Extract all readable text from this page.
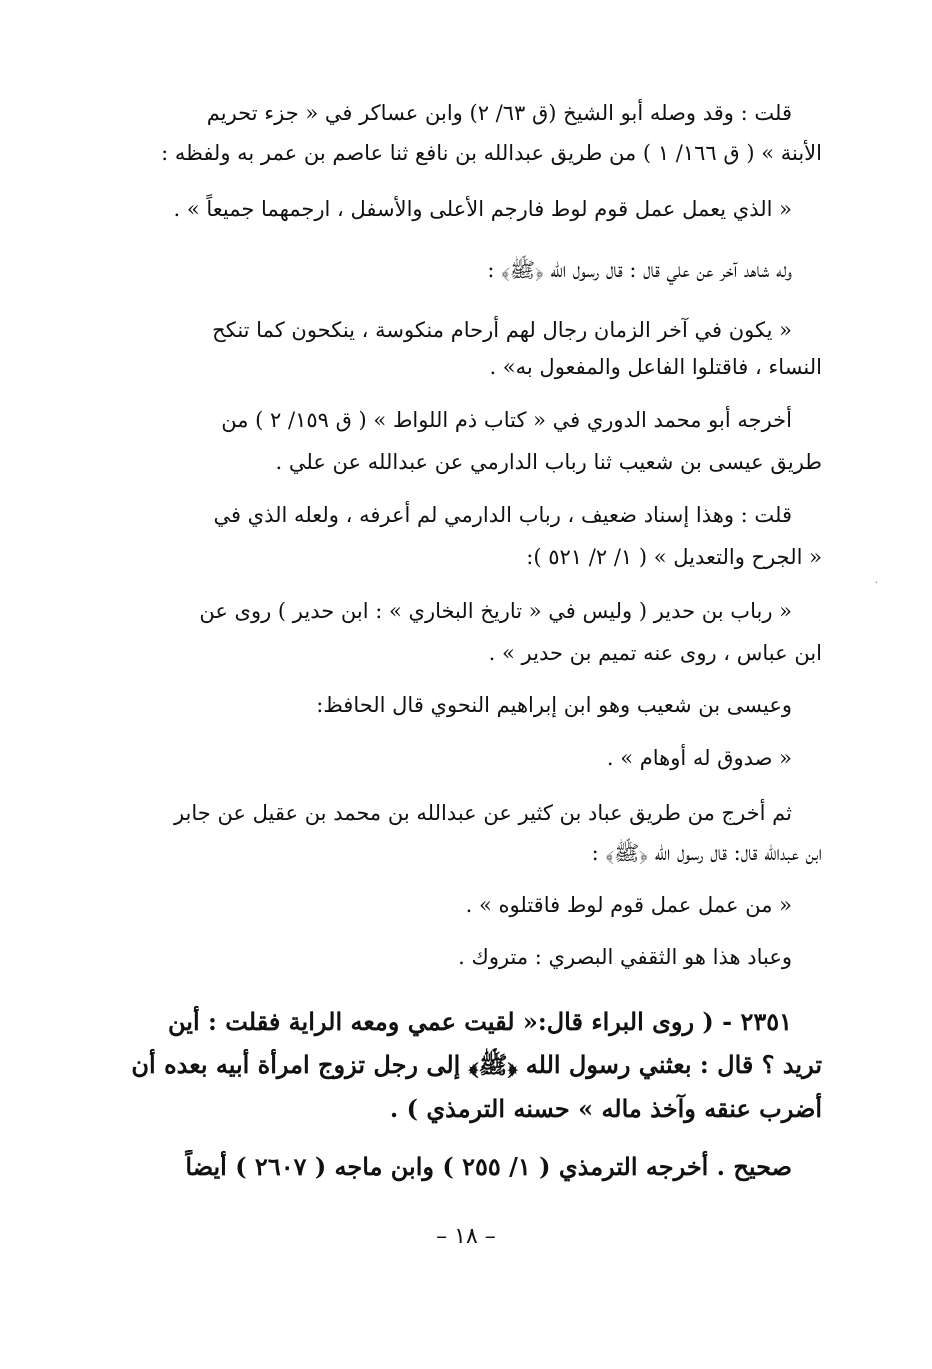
قلت : وقد وصله أبو الشيخ (ق ٦٣/ ٢) وابن عساكر في « جزء تحريم
الأبنة » ( ق ١٦٦/ ١ ) من طريق عبدالله بن نافع ثنا عاصم بن عمر به ولفظه :
« الذي يعمل عمل قوم لوط فارجم الأعلى والأسفل ، ارجمهما جميعاً » .
وله شاهد آخر عن علي قال : قال رسول الله ﴿ﷺ﴾ :
« يكون في آخر الزمان رجال لهم أرحام منكوسة ، ينكحون كما تنكح
النساء ، فاقتلوا الفاعل والمفعول به» .
أخرجه أبو محمد الدوري في « كتاب ذم اللواط » ( ق ١٥٩/ ٢ ) من
طريق عيسى بن شعيب ثنا رباب الدارمي عن عبدالله عن علي .
قلت : وهذا إسناد ضعيف ، رباب الدارمي لم أعرفه ، ولعله الذي في
« الجرح والتعديل » ( ١/ ٢/ ٥٢١ ):
« رباب بن حدير ( وليس في « تاريخ البخاري » : ابن حدير ) روى عن
ابن عباس ، روى عنه تميم بن حدير » .
وعيسى بن شعيب وهو ابن إبراهيم النحوي قال الحافظ:
« صدوق له أوهام » .
ثم أخرج من طريق عباد بن كثير عن عبدالله بن محمد بن عقيل عن جابر
ابن عبدالله قال: قال رسول الله ﴿ﷺ﴾ :
« من عمل عمل قوم لوط فاقتلوه » .
وعباد هذا هو الثقفي البصري : متروك .
٢٣٥١ - ( روى البراء قال:« لقيت عمي ومعه الراية فقلت : أين
تريد ؟ قال : بعثني رسول الله ﴿ﷺ﴾ إلى رجل تزوج امرأة أبيه بعده أن
أضرب عنقه وآخذ ماله » حسنه الترمذي ) .
صحيح . أخرجه الترمذي ( ١/ ٢٥٥ ) وابن ماجه ( ٢٦٠٧ ) أيضاً
– ١٨ –
·
